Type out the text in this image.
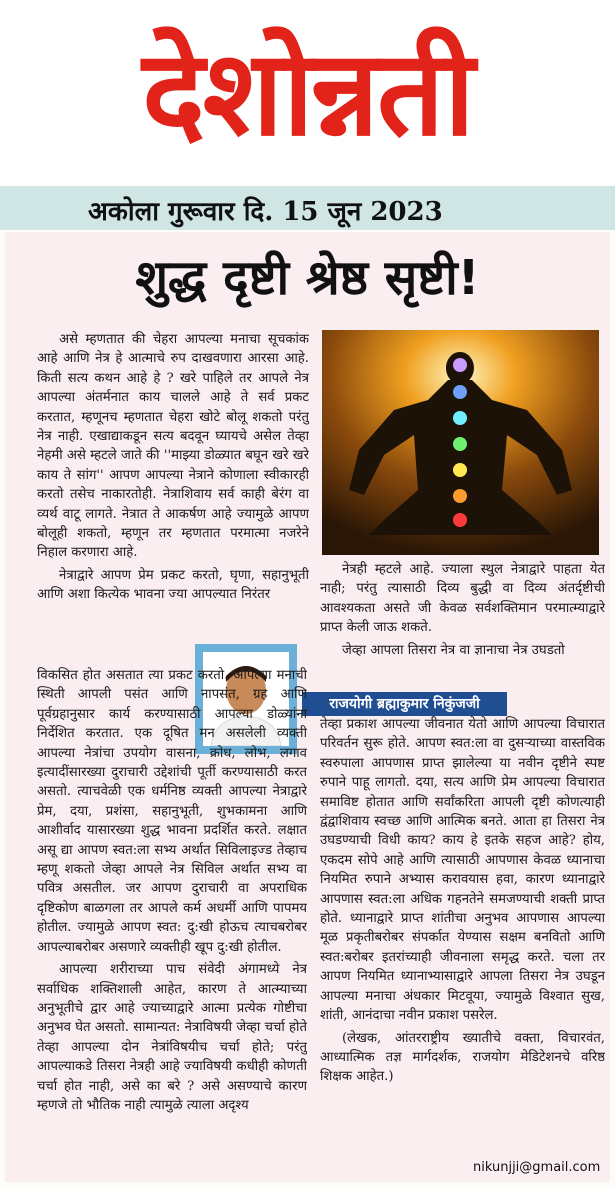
देशोन्नती
अकोला गुरूवार दि. 15 जून 2023
शुद्ध दृष्टी श्रेष्ठ सृष्टी!

असे म्हणतात की चेहरा आपल्या मनाचा सूचकांक आहे आणि नेत्र हे आत्माचे रुप दाखवणारा आरसा आहे. किती सत्य कथन आहे हे ? खरे पाहिले तर आपले नेत्र आपल्या अंतर्मनात काय चालले आहे ते सर्व प्रकट करतात, म्हणूनच म्हणतात चेहरा खोटे बोलू शकतो परंतु नेत्र नाही. एखाद्याकडून सत्य बदवून घ्यायचे असेल तेव्हा नेहमी असे म्हटले जाते की ''माझ्या डोळ्यात बघून खरे खरे काय ते सांग'' आपण आपल्या नेत्राने कोणाला स्वीकारही करतो तसेच नाकारतोही. नेत्राशिवाय सर्व काही बेरंग वा व्यर्थ वाटू लागते. नेत्रात ते आकर्षण आहे ज्यामुळे आपण बोलूही शकतो, म्हणून तर म्हणतात परमात्मा नजरेने निहाल करणारा आहे.

नेत्राद्वारे आपण प्रेम प्रकट करतो, घृणा, सहानुभूती आणि अशा कित्येक भावना ज्या आपल्यात निरंतर

नेत्रही म्हटले आहे. ज्याला स्थुल नेत्राद्वारे पाहता येत नाही; परंतु त्यासाठी दिव्य बुद्धी वा दिव्य अंतर्दृष्टीची आवश्यकता असते जी केवळ सर्वशक्तिमान परमात्म्याद्वारे प्राप्त केली जाऊ शकते.

जेव्हा आपला तिसरा नेत्र वा ज्ञानाचा नेत्र उघडतो

राजयोगी ब्रह्माकुमार निकुंजजी

विकसित होत असतात त्या प्रकट करतो. आपल्या मनाची स्थिती आपली पसंत आणि नापसंत, ग्रह आणि पूर्वग्रहानुसार कार्य करण्यासाठी आपल्या डोळ्यांना निर्देशित करतात. एक दूषित मन असलेली व्यक्ती आपल्या नेत्रांचा उपयोग वासना, क्रोध, लोभ, लगाव इत्यादींसारख्या दुराचारी उद्देशांची पूर्ती करण्यासाठी करत असतो. त्याचवेळी एक धर्मनिष्ठ व्यक्ती आपल्या नेत्राद्वारे प्रेम, दया, प्रशंसा, सहानुभूती, शुभकामना आणि आशीर्वाद यासारख्या शुद्ध भावना प्रदर्शित करते. लक्षात असू द्या आपण स्वत:ला सभ्य अर्थात सिविलाइज्ड तेव्हाच म्हणू शकतो जेव्हा आपले नेत्र सिविल अर्थात सभ्य वा पवित्र असतील. जर आपण दुराचारी वा अपराधिक दृष्टिकोण बाळगला तर आपले कर्म अधर्मी आणि पापमय होतील. ज्यामुळे आपण स्वत: दु:खी होऊच त्याचबरोबर आपल्याबरोबर असणारे व्यक्तीही खूप दु:खी होतील.

आपल्या शरीराच्या पाच संवेदी अंगामध्ये नेत्र सर्वाधिक शक्तिशाली आहेत, कारण ते आत्म्याच्या अनुभूतीचे द्वार आहे ज्याच्याद्वारे आत्मा प्रत्येक गोष्टीचा अनुभव घेत असतो. सामान्यत: नेत्राविषयी जेव्हा चर्चा होते तेव्हा आपल्या दोन नेत्रांविषयीच चर्चा होते; परंतु आपल्याकडे तिसरा नेत्रही आहे ज्याविषयी कधीही कोणती चर्चा होत नाही, असे का बरे ? असे असण्याचे कारण म्हणजे तो भौतिक नाही त्यामुळे त्याला अदृश्य

तेव्हा प्रकाश आपल्या जीवनात येतो आणि आपल्या विचारात परिवर्तन सुरू होते. आपण स्वत:ला वा दुसऱ्याच्या वास्तविक स्वरुपाला आपणास प्राप्त झालेल्या या नवीन दृष्टीने स्पष्ट रुपाने पाहू लागतो. दया, सत्य आणि प्रेम आपल्या विचारात समाविष्ट होतात आणि सर्वांकरिता आपली दृष्टी कोणत्याही द्वंद्वाशिवाय स्वच्छ आणि आत्मिक बनते. आता हा तिसरा नेत्र उघडण्याची विधी काय? काय हे इतके सहज आहे? होय, एकदम सोपे आहे आणि त्यासाठी आपणास केवळ ध्यानाचा नियमित रुपाने अभ्यास करावयास हवा, कारण ध्यानाद्वारे आपणास स्वत:ला अधिक गहनतेने समजण्याची शक्ती प्राप्त होते. ध्यानाद्वारे प्राप्त शांतीचा अनुभव आपणास आपल्या मूळ प्रकृतीबरोबर संपर्कात येण्यास सक्षम बनवितो आणि स्वत:बरोबर इतरांच्याही जीवनाला समृद्ध करते. चला तर आपण नियमित ध्यानाभ्यासाद्वारे आपला तिसरा नेत्र उघडून आपल्या मनाचा अंधकार मिटवूया, ज्यामुळे विश्वात सुख, शांती, आनंदाचा नवीन प्रकाश पसरेल.

(लेखक, आंतरराष्ट्रीय ख्यातीचे वक्ता, विचारवंत, आध्यात्मिक तज्ञ मार्गदर्शक, राजयोग मेडिटेशनचे वरिष्ठ शिक्षक आहेत.)

nikunjji@gmail.com
